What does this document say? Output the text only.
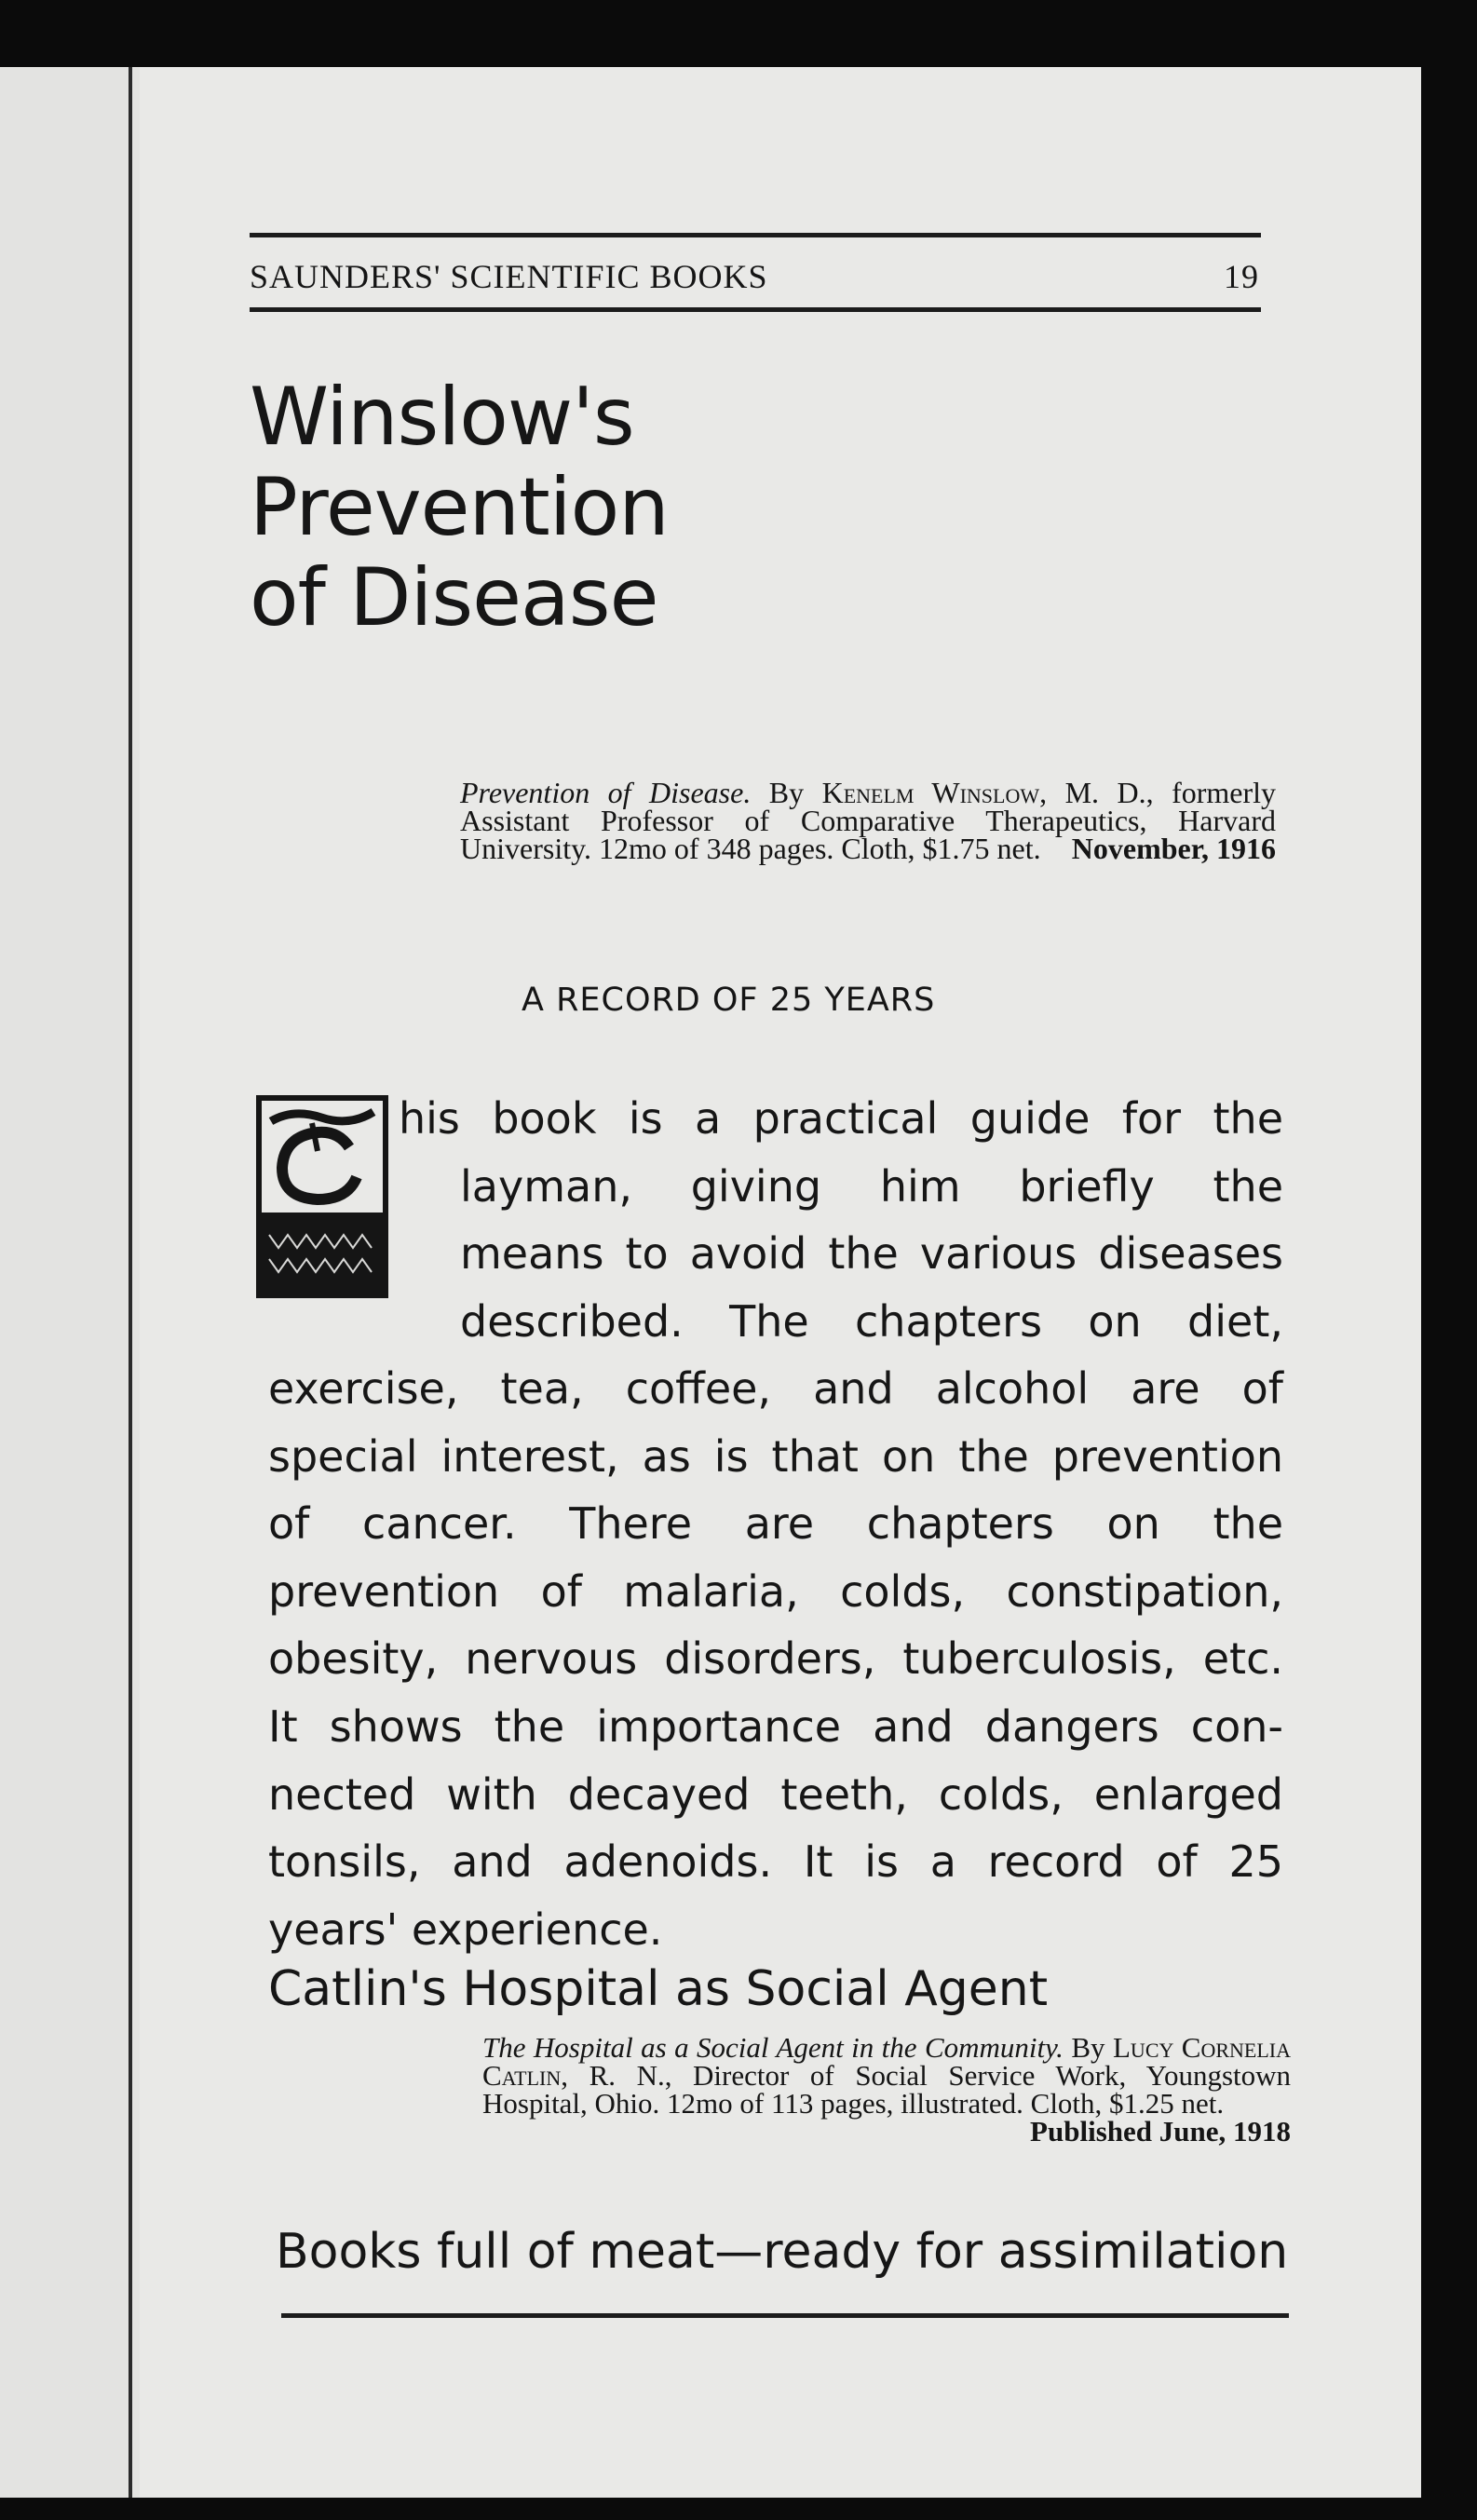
SAUNDERS' SCIENTIFIC BOOKS	19
Winslow's
Prevention
of Disease
Prevention of Disease. By Kenelm Winslow, M. D., formerly Assistant Professor of Comparative Therapeutics, Harvard University. 12mo of 348 pages. Cloth, $1.75 net. November, 1916
A RECORD OF 25 YEARS
his book is a practical guide for the
layman, giving him briefly the
means to avoid the various diseases
described. The chapters on diet,
exercise, tea, coffee, and alcohol are of
special interest, as is that on the prevention
of cancer. There are chapters on the
prevention of malaria, colds, constipation,
obesity, nervous disorders, tuberculosis, etc.
It shows the importance and dangers con-
nected with decayed teeth, colds, enlarged
tonsils, and adenoids. It is a record of 25
years' experience.
Catlin's Hospital as Social Agent
The Hospital as a Social Agent in the Community. By Lucy Cornelia Catlin, R. N., Director of Social Service Work, Youngstown Hospital, Ohio. 12mo of 113 pages, illustrated. Cloth, $1.25 net.
Published June, 1918
Books full of meat—ready for assimilation
